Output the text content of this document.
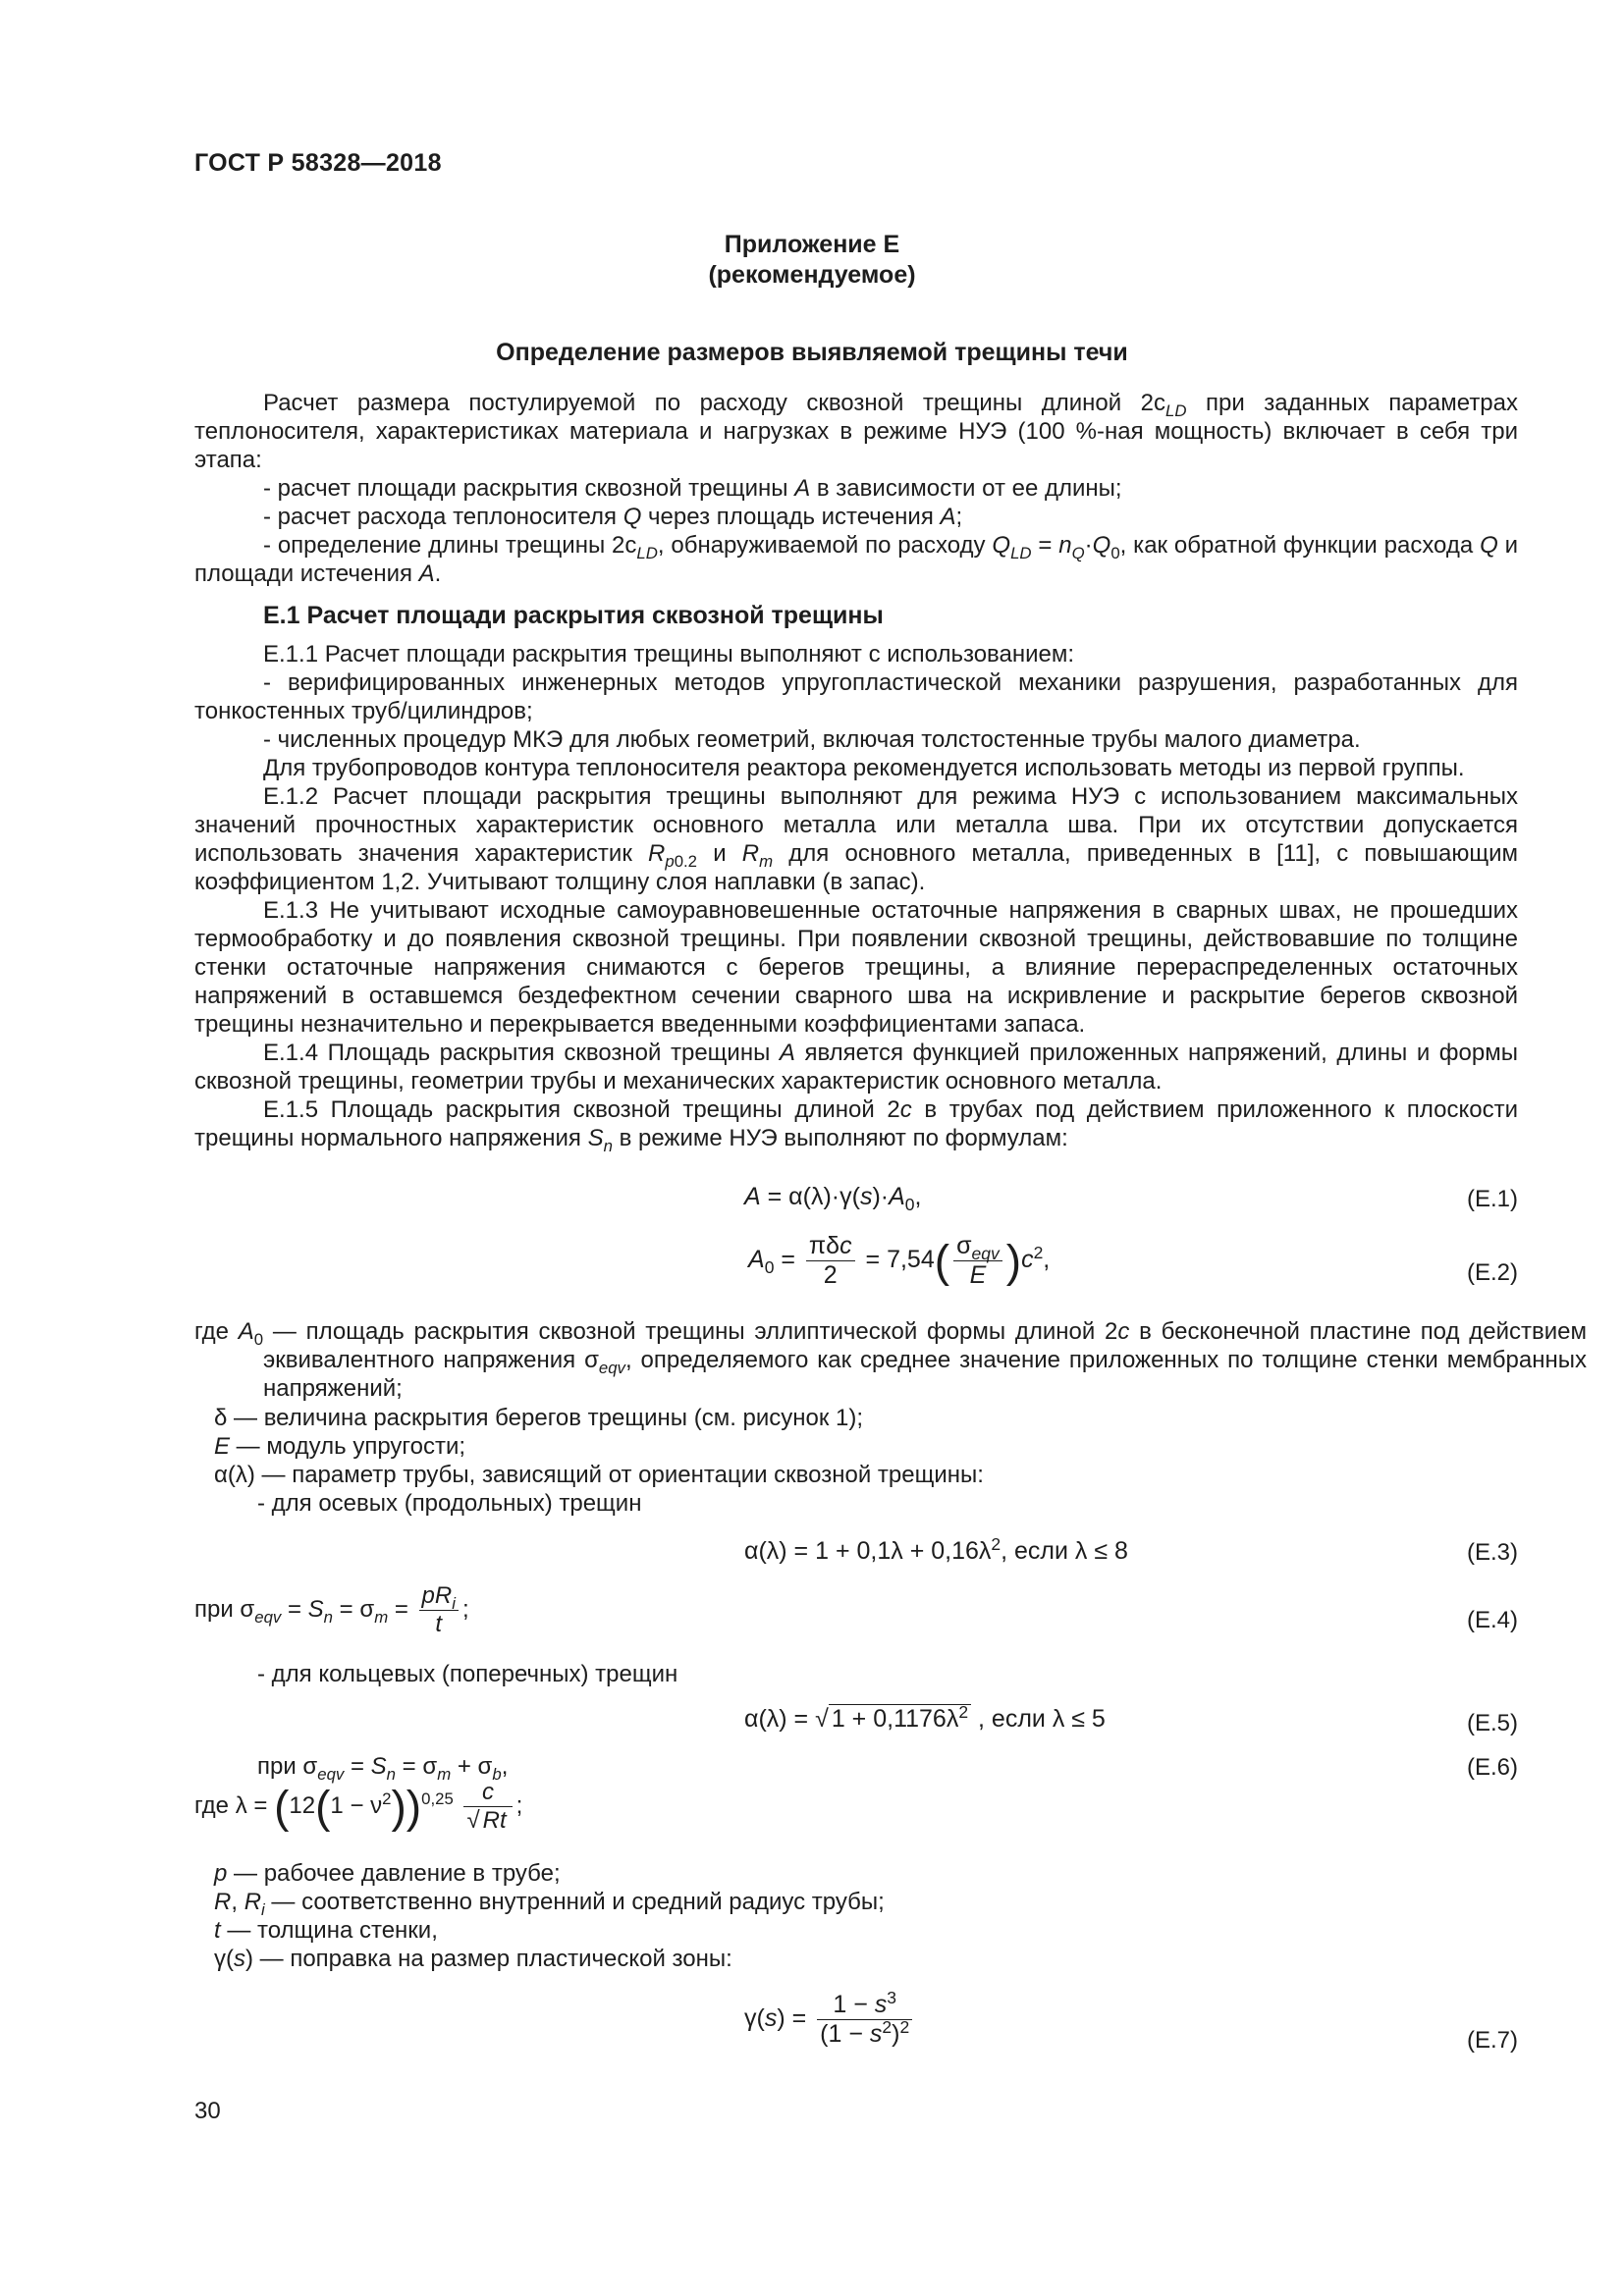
ГОСТ Р 58328—2018
Приложение Е
(рекомендуемое)
Определение размеров выявляемой трещины течи

Расчет размера постулируемой по расходу сквозной трещины длиной $2с_{LD}$ при заданных параметрах теплоносителя, характеристиках материала и нагрузках в режиме НУЭ (100 %-ная мощность) включает в себя три этапа:

- расчет площади раскрытия сквозной трещины A в зависимости от ее длины;

- расчет расхода теплоносителя Q через площадь истечения A;

- определение длины трещины $2с_{LD}$, обнаруживаемой по расходу $Q_{LD} = n_Q\cdot Q_0$, как обратной функции расхода Q и площади истечения A.

Е.1 Расчет площади раскрытия сквозной трещины

Е.1.1 Расчет площади раскрытия трещины выполняют с использованием:

- верифицированных инженерных методов упругопластической механики разрушения, разработанных для тонкостенных труб/цилиндров;

- численных процедур МКЭ для любых геометрий, включая толстостенные трубы малого диаметра.

Для трубопроводов контура теплоносителя реактора рекомендуется использовать методы из первой группы.

Е.1.2 Расчет площади раскрытия трещины выполняют для режима НУЭ с использованием максимальных значений прочностных характеристик основного металла или металла шва. При их отсутствии допускается использовать значения характеристик $R_{p0.2}$ и $R_m$ для основного металла, приведенных в [11], с повышающим коэффициентом 1,2. Учитывают толщину слоя наплавки (в запас).

Е.1.3 Не учитывают исходные самоуравновешенные остаточные напряжения в сварных швах, не прошедших термообработку и до появления сквозной трещины. При появлении сквозной трещины, действовавшие по толщине стенки остаточные напряжения снимаются с берегов трещины, а влияние перераспределенных остаточных напряжений в оставшемся бездефектном сечении сварного шва на искривление и раскрытие берегов сквозной трещины незначительно и перекрывается введенными коэффициентами запаса.

Е.1.4 Площадь раскрытия сквозной трещины A является функцией приложенных напряжений, длины и формы сквозной трещины, геометрии трубы и механических характеристик основного металла.

Е.1.5 Площадь раскрытия сквозной трещины длиной 2c в трубах под действием приложенного к плоскости трещины нормального напряжения $S_n$ в режиме НУЭ выполняют по формулам:

$A = \alpha(\lambda)\cdot\gamma(s)\cdot A_0$,	(Е.1)
$A_0 = \frac{\text{πδc}}{2} = 7,54( \frac{\sigma_{eqv}}{E} )c^2$,	(Е.2)
где $A_0$ — площадь раскрытия сквозной трещины эллиптической формы длиной 2c в бесконечной пластине под действием эквивалентного напряжения $\sigma_{eqv}$, определяемого как среднее значение приложенных по толщине стенки мембранных напряжений;
δ — величина раскрытия берегов трещины (см. рисунок 1);
E — модуль упругости;
α(λ) — параметр трубы, зависящий от ориентации сквозной трещины:
- для осевых (продольных) трещин
$\alpha(\lambda) = 1 + 0,1\lambda + 0,16\lambda^2$, если λ ≤ 8	(Е.3)
при $\sigma_{eqv} = S_n = \sigma_m = \frac{pR_i}{t}$ ;	(Е.4)
- для кольцевых (поперечных) трещин
α(λ) = √ $1 + 0,1176\lambda^2$ , если λ ≤ 5	(Е.5)
при $\sigma_{eqv} = S_n = \sigma_m + \sigma_b$,	(Е.6)
где $\lambda = (12(1 - \nu^2))^{0,25} \frac{c}{√ Rt}$ ;
p — рабочее давление в трубе;
R, $R_i$ — соответственно внутренний и средний радиус трубы;
t — толщина стенки,
γ(s) — поправка на размер пластической зоны:
$\gamma(s) = \frac{1 - s^3}{(1 - s^2)^2}$	(Е.7)
30
